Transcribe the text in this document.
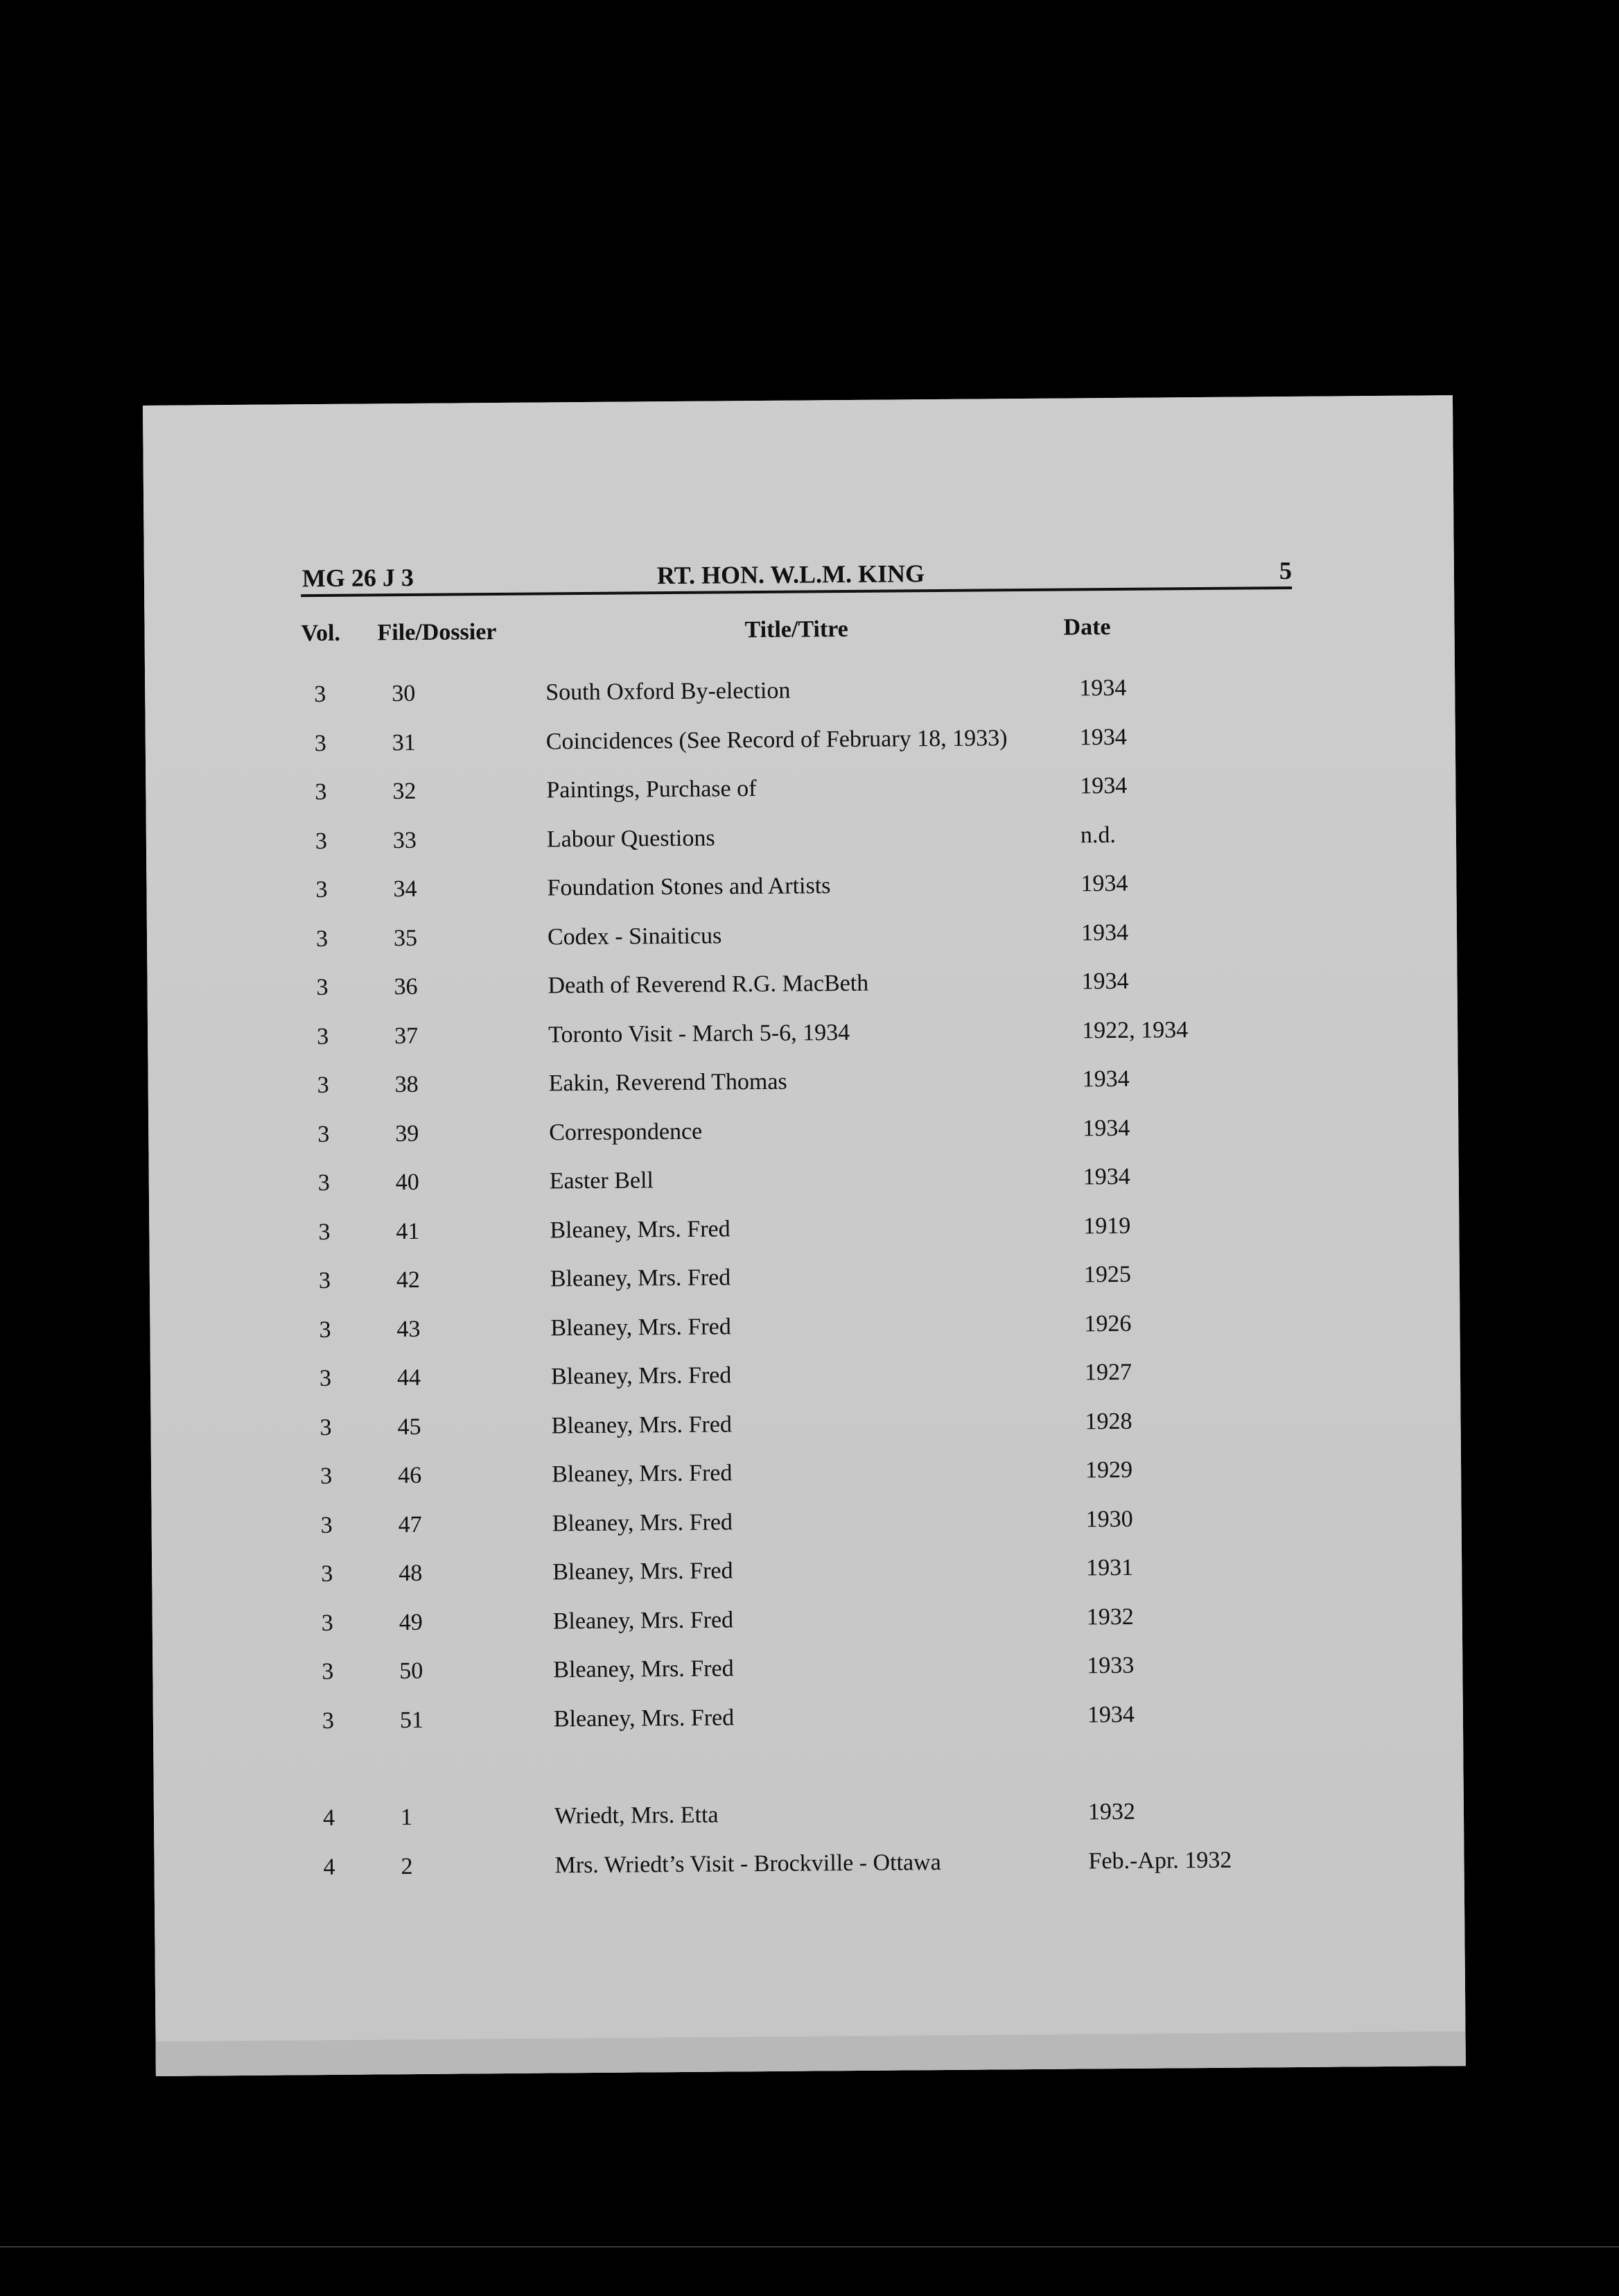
MG 26 J 3	RT. HON. W.L.M. KING	5
Vol. File/Dossier	Title/Titre	Date
3	30	South Oxford By-election	1934
3	31	Coincidences (See Record of February 18, 1933)	1934
3	32	Paintings, Purchase of	1934
3	33	Labour Questions	n.d.
3	34	Foundation Stones and Artists	1934
3	35	Codex - Sinaiticus	1934
3	36	Death of Reverend R.G. MacBeth	1934
3	37	Toronto Visit - March 5-6, 1934	1922, 1934
3	38	Eakin, Reverend Thomas	1934
3	39	Correspondence	1934
3	40	Easter Bell	1934
3	41	Bleaney, Mrs. Fred	1919
3	42	Bleaney, Mrs. Fred	1925
3	43	Bleaney, Mrs. Fred	1926
3	44	Bleaney, Mrs. Fred	1927
3	45	Bleaney, Mrs. Fred	1928
3	46	Bleaney, Mrs. Fred	1929
3	47	Bleaney, Mrs. Fred	1930
3	48	Bleaney, Mrs. Fred	1931
3	49	Bleaney, Mrs. Fred	1932
3	50	Bleaney, Mrs. Fred	1933
3	51	Bleaney, Mrs. Fred	1934
4	1	Wriedt, Mrs. Etta	1932
4	2	Mrs. Wriedt’s Visit - Brockville - Ottawa	Feb.-Apr. 1932
